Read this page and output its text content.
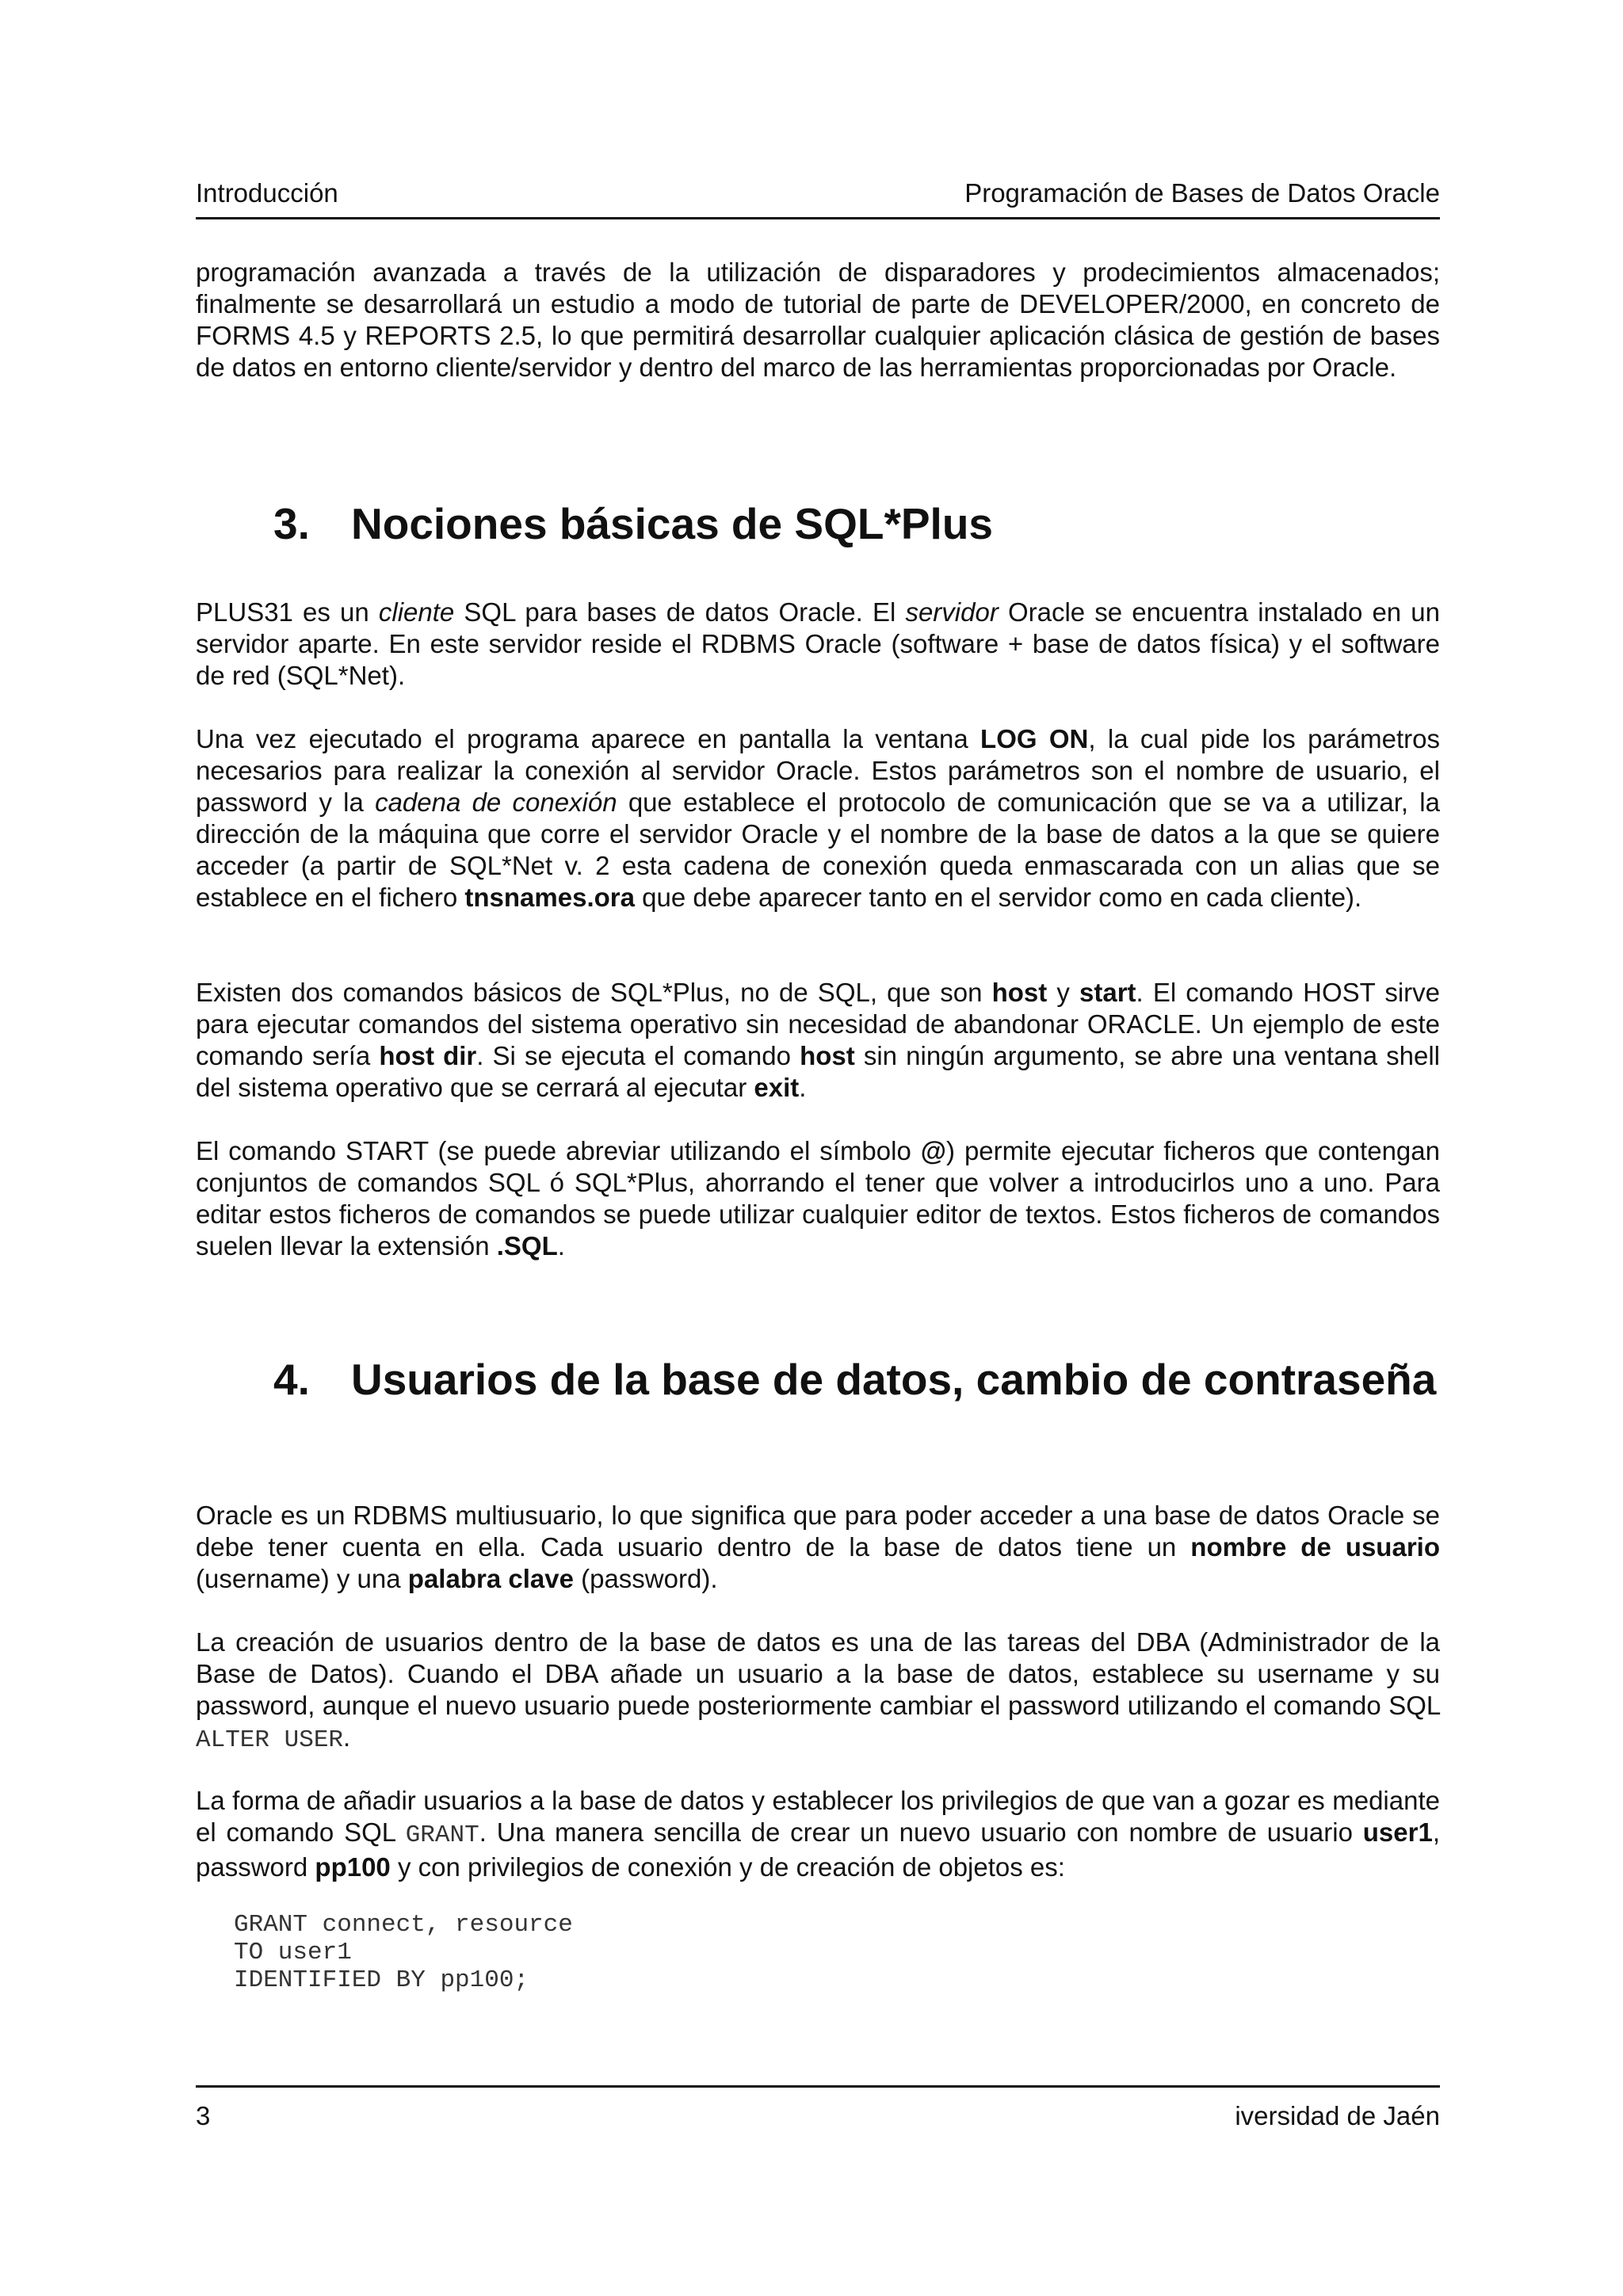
Introducción	Programación de Bases de Datos Oracle

programación avanzada a través de la utilización de disparadores y prodecimientos almacenados; finalmente se desarrollará un estudio a modo de tutorial de parte de DEVELOPER/2000, en concreto de FORMS 4.5 y REPORTS 2.5, lo que permitirá desarrollar cualquier aplicación clásica de gestión de bases de datos en entorno cliente/servidor y dentro del marco de las herramientas proporcionadas por Oracle.

3. Nociones básicas de SQL*Plus

PLUS31 es un cliente SQL para bases de datos Oracle. El servidor Oracle se encuentra instalado en un servidor aparte. En este servidor reside el RDBMS Oracle (software + base de datos física) y el software de red (SQL*Net).

Una vez ejecutado el programa aparece en pantalla la ventana LOG ON, la cual pide los parámetros necesarios para realizar la conexión al servidor Oracle. Estos parámetros son el nombre de usuario, el password y la cadena de conexión que establece el protocolo de comunicación que se va a utilizar, la dirección de la máquina que corre el servidor Oracle y el nombre de la base de datos a la que se quiere acceder (a partir de SQL*Net v. 2 esta cadena de conexión queda enmascarada con un alias que se establece en el fichero tnsnames.ora que debe aparecer tanto en el servidor como en cada cliente).

Existen dos comandos básicos de SQL*Plus, no de SQL, que son host y start. El comando HOST sirve para ejecutar comandos del sistema operativo sin necesidad de abandonar ORACLE. Un ejemplo de este comando sería host dir. Si se ejecuta el comando host sin ningún argumento, se abre una ventana shell del sistema operativo que se cerrará al ejecutar exit.

El comando START (se puede abreviar utilizando el símbolo @) permite ejecutar ficheros que contengan conjuntos de comandos SQL ó SQL*Plus, ahorrando el tener que volver a introducirlos uno a uno. Para editar estos ficheros de comandos se puede utilizar cualquier editor de textos. Estos ficheros de comandos suelen llevar la extensión .SQL.

4. Usuarios de la base de datos, cambio de contraseña

Oracle es un RDBMS multiusuario, lo que significa que para poder acceder a una base de datos Oracle se debe tener cuenta en ella. Cada usuario dentro de la base de datos tiene un nombre de usuario (username) y una palabra clave (password).

La creación de usuarios dentro de la base de datos es una de las tareas del DBA (Administrador de la Base de Datos). Cuando el DBA añade un usuario a la base de datos, establece su username y su password, aunque el nuevo usuario puede posteriormente cambiar el password utilizando el comando SQL ALTER USER.

La forma de añadir usuarios a la base de datos y establecer los privilegios de que van a gozar es mediante el comando SQL GRANT. Una manera sencilla de crear un nuevo usuario con nombre de usuario user1, password pp100 y con privilegios de conexión y de creación de objetos es:

GRANT connect, resource
TO user1
IDENTIFIED BY pp100;
3	iversidad de Jaén
